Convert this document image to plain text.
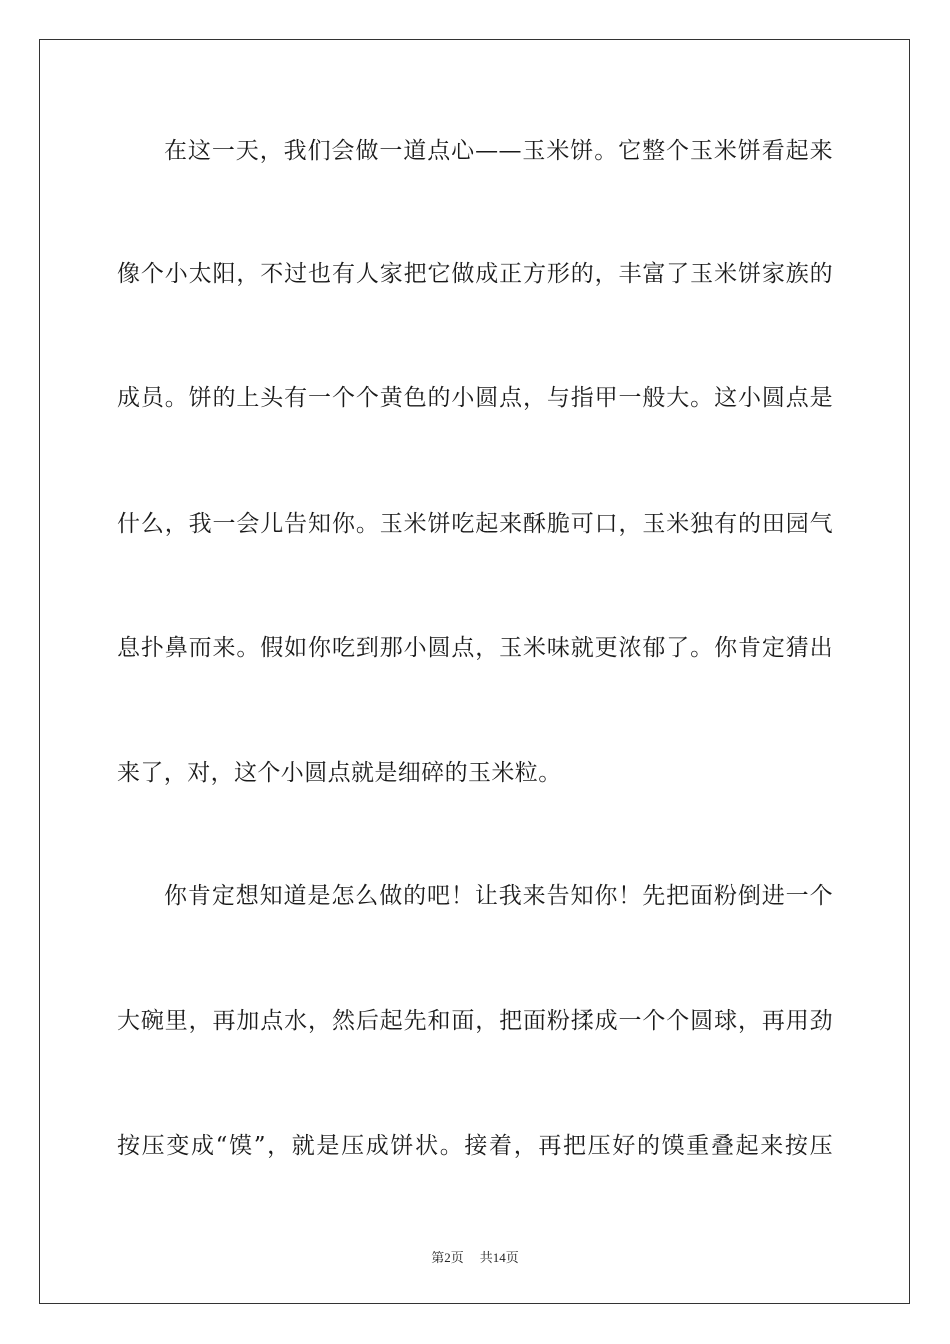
在这一天，我们会做一道点心——玉米饼。它整个玉米饼看起来
像个小太阳，不过也有人家把它做成正方形的，丰富了玉米饼家族的
成员。饼的上头有一个个黄色的小圆点，与指甲一般大。这小圆点是
什么，我一会儿告知你。玉米饼吃起来酥脆可口，玉米独有的田园气
息扑鼻而来。假如你吃到那小圆点，玉米味就更浓郁了。你肯定猜出
来了，对，这个小圆点就是细碎的玉米粒。
你肯定想知道是怎么做的吧！让我来告知你！先把面粉倒进一个
大碗里，再加点水，然后起先和面，把面粉揉成一个个圆球，再用劲
按压变成“馍”，就是压成饼状。接着，再把压好的馍重叠起来按压
第2页 共14页
